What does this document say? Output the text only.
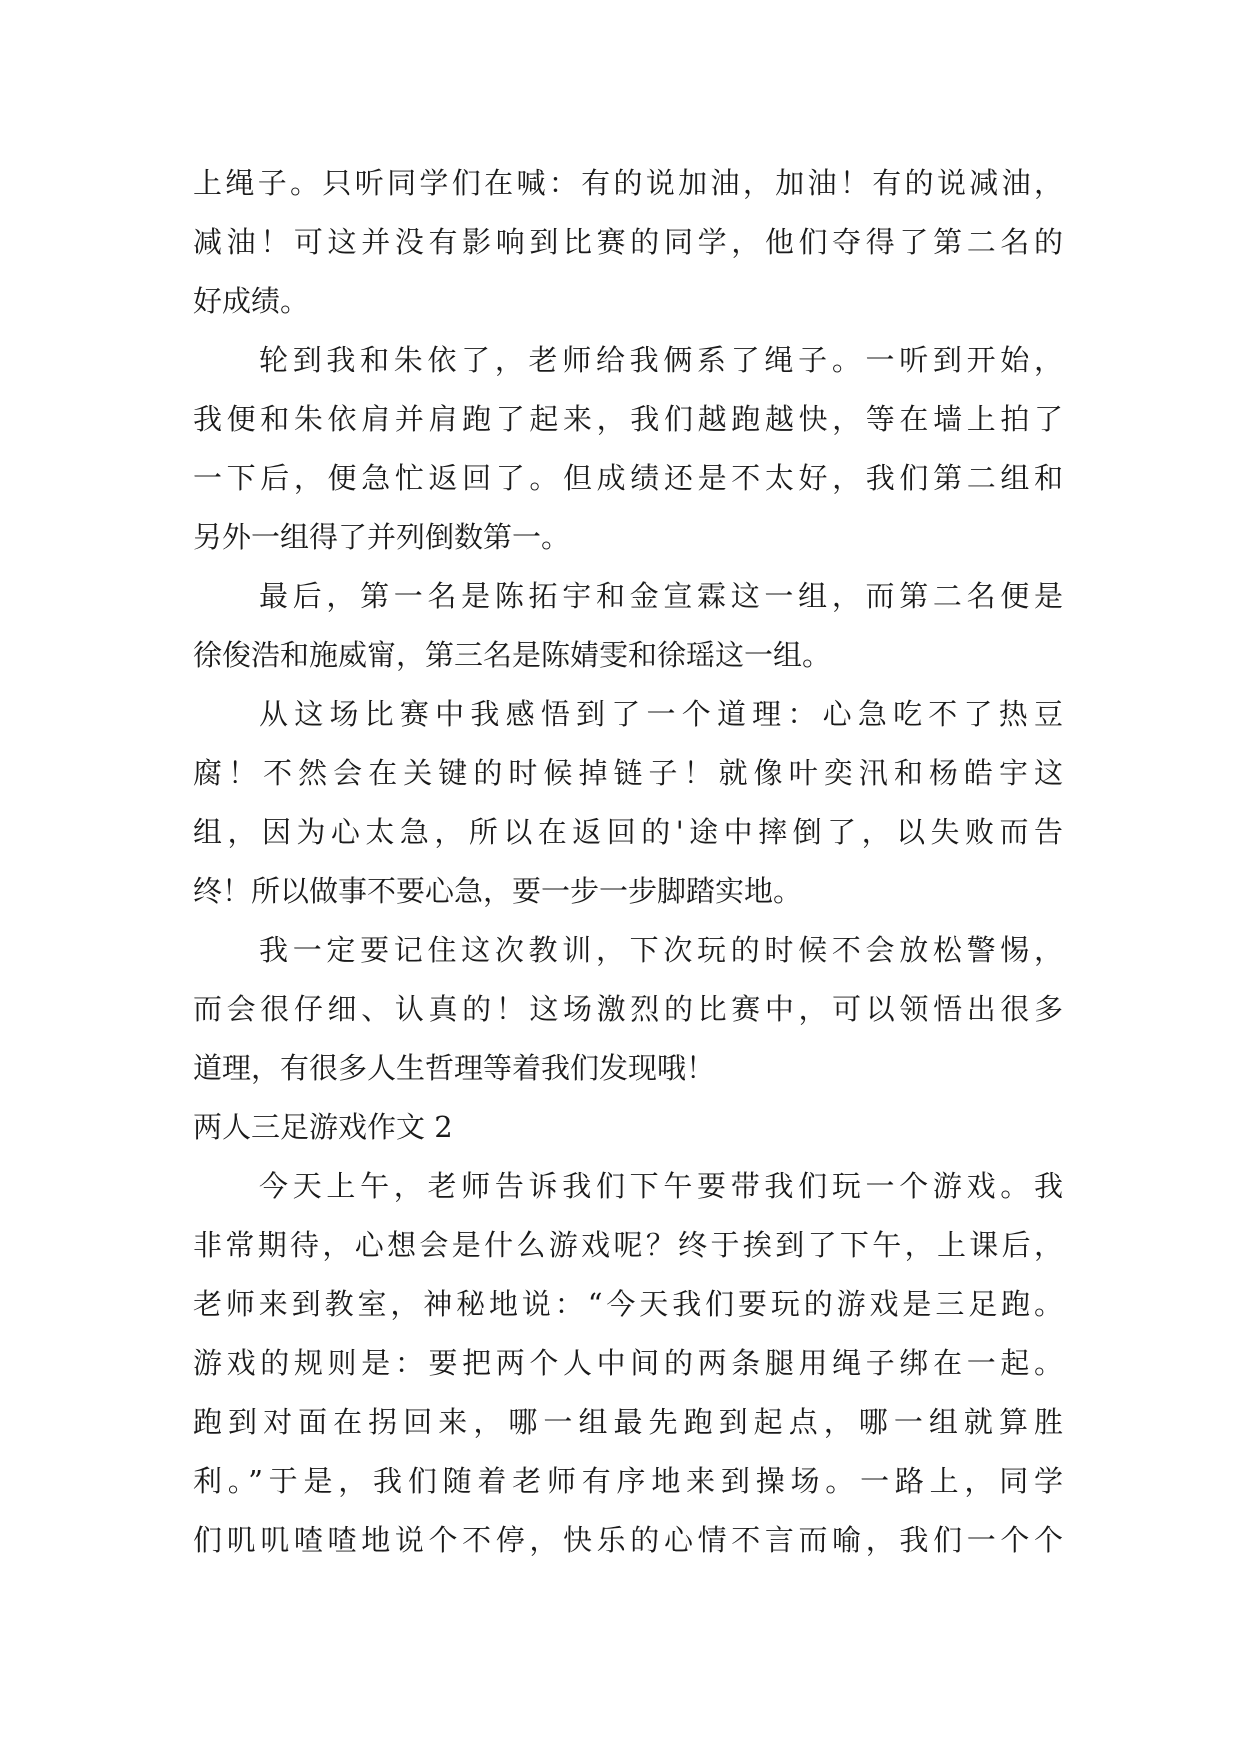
上绳子。只听同学们在喊：有的说加油，加油！有的说减油，
减油！可这并没有影响到比赛的同学，他们夺得了第二名的
好成绩。
轮到我和朱依了，老师给我俩系了绳子。一听到开始，
我便和朱依肩并肩跑了起来，我们越跑越快，等在墙上拍了
一下后，便急忙返回了。但成绩还是不太好，我们第二组和
另外一组得了并列倒数第一。
最后，第一名是陈拓宇和金宣霖这一组，而第二名便是
徐俊浩和施威甯，第三名是陈婧雯和徐瑶这一组。
从这场比赛中我感悟到了一个道理：心急吃不了热豆
腐！不然会在关键的时候掉链子！就像叶奕汛和杨皓宇这
组，因为心太急，所以在返回的'途中摔倒了，以失败而告
终！所以做事不要心急，要一步一步脚踏实地。
我一定要记住这次教训，下次玩的时候不会放松警惕，
而会很仔细、认真的！这场激烈的比赛中，可以领悟出很多
道理，有很多人生哲理等着我们发现哦！
两人三足游戏作文 2
今天上午，老师告诉我们下午要带我们玩一个游戏。我
非常期待，心想会是什么游戏呢？终于挨到了下午，上课后，
老师来到教室，神秘地说：“今天我们要玩的游戏是三足跑。
游戏的规则是：要把两个人中间的两条腿用绳子绑在一起。
跑到对面在拐回来，哪一组最先跑到起点，哪一组就算胜
利。”于是，我们随着老师有序地来到操场。一路上，同学
们叽叽喳喳地说个不停，快乐的心情不言而喻，我们一个个
